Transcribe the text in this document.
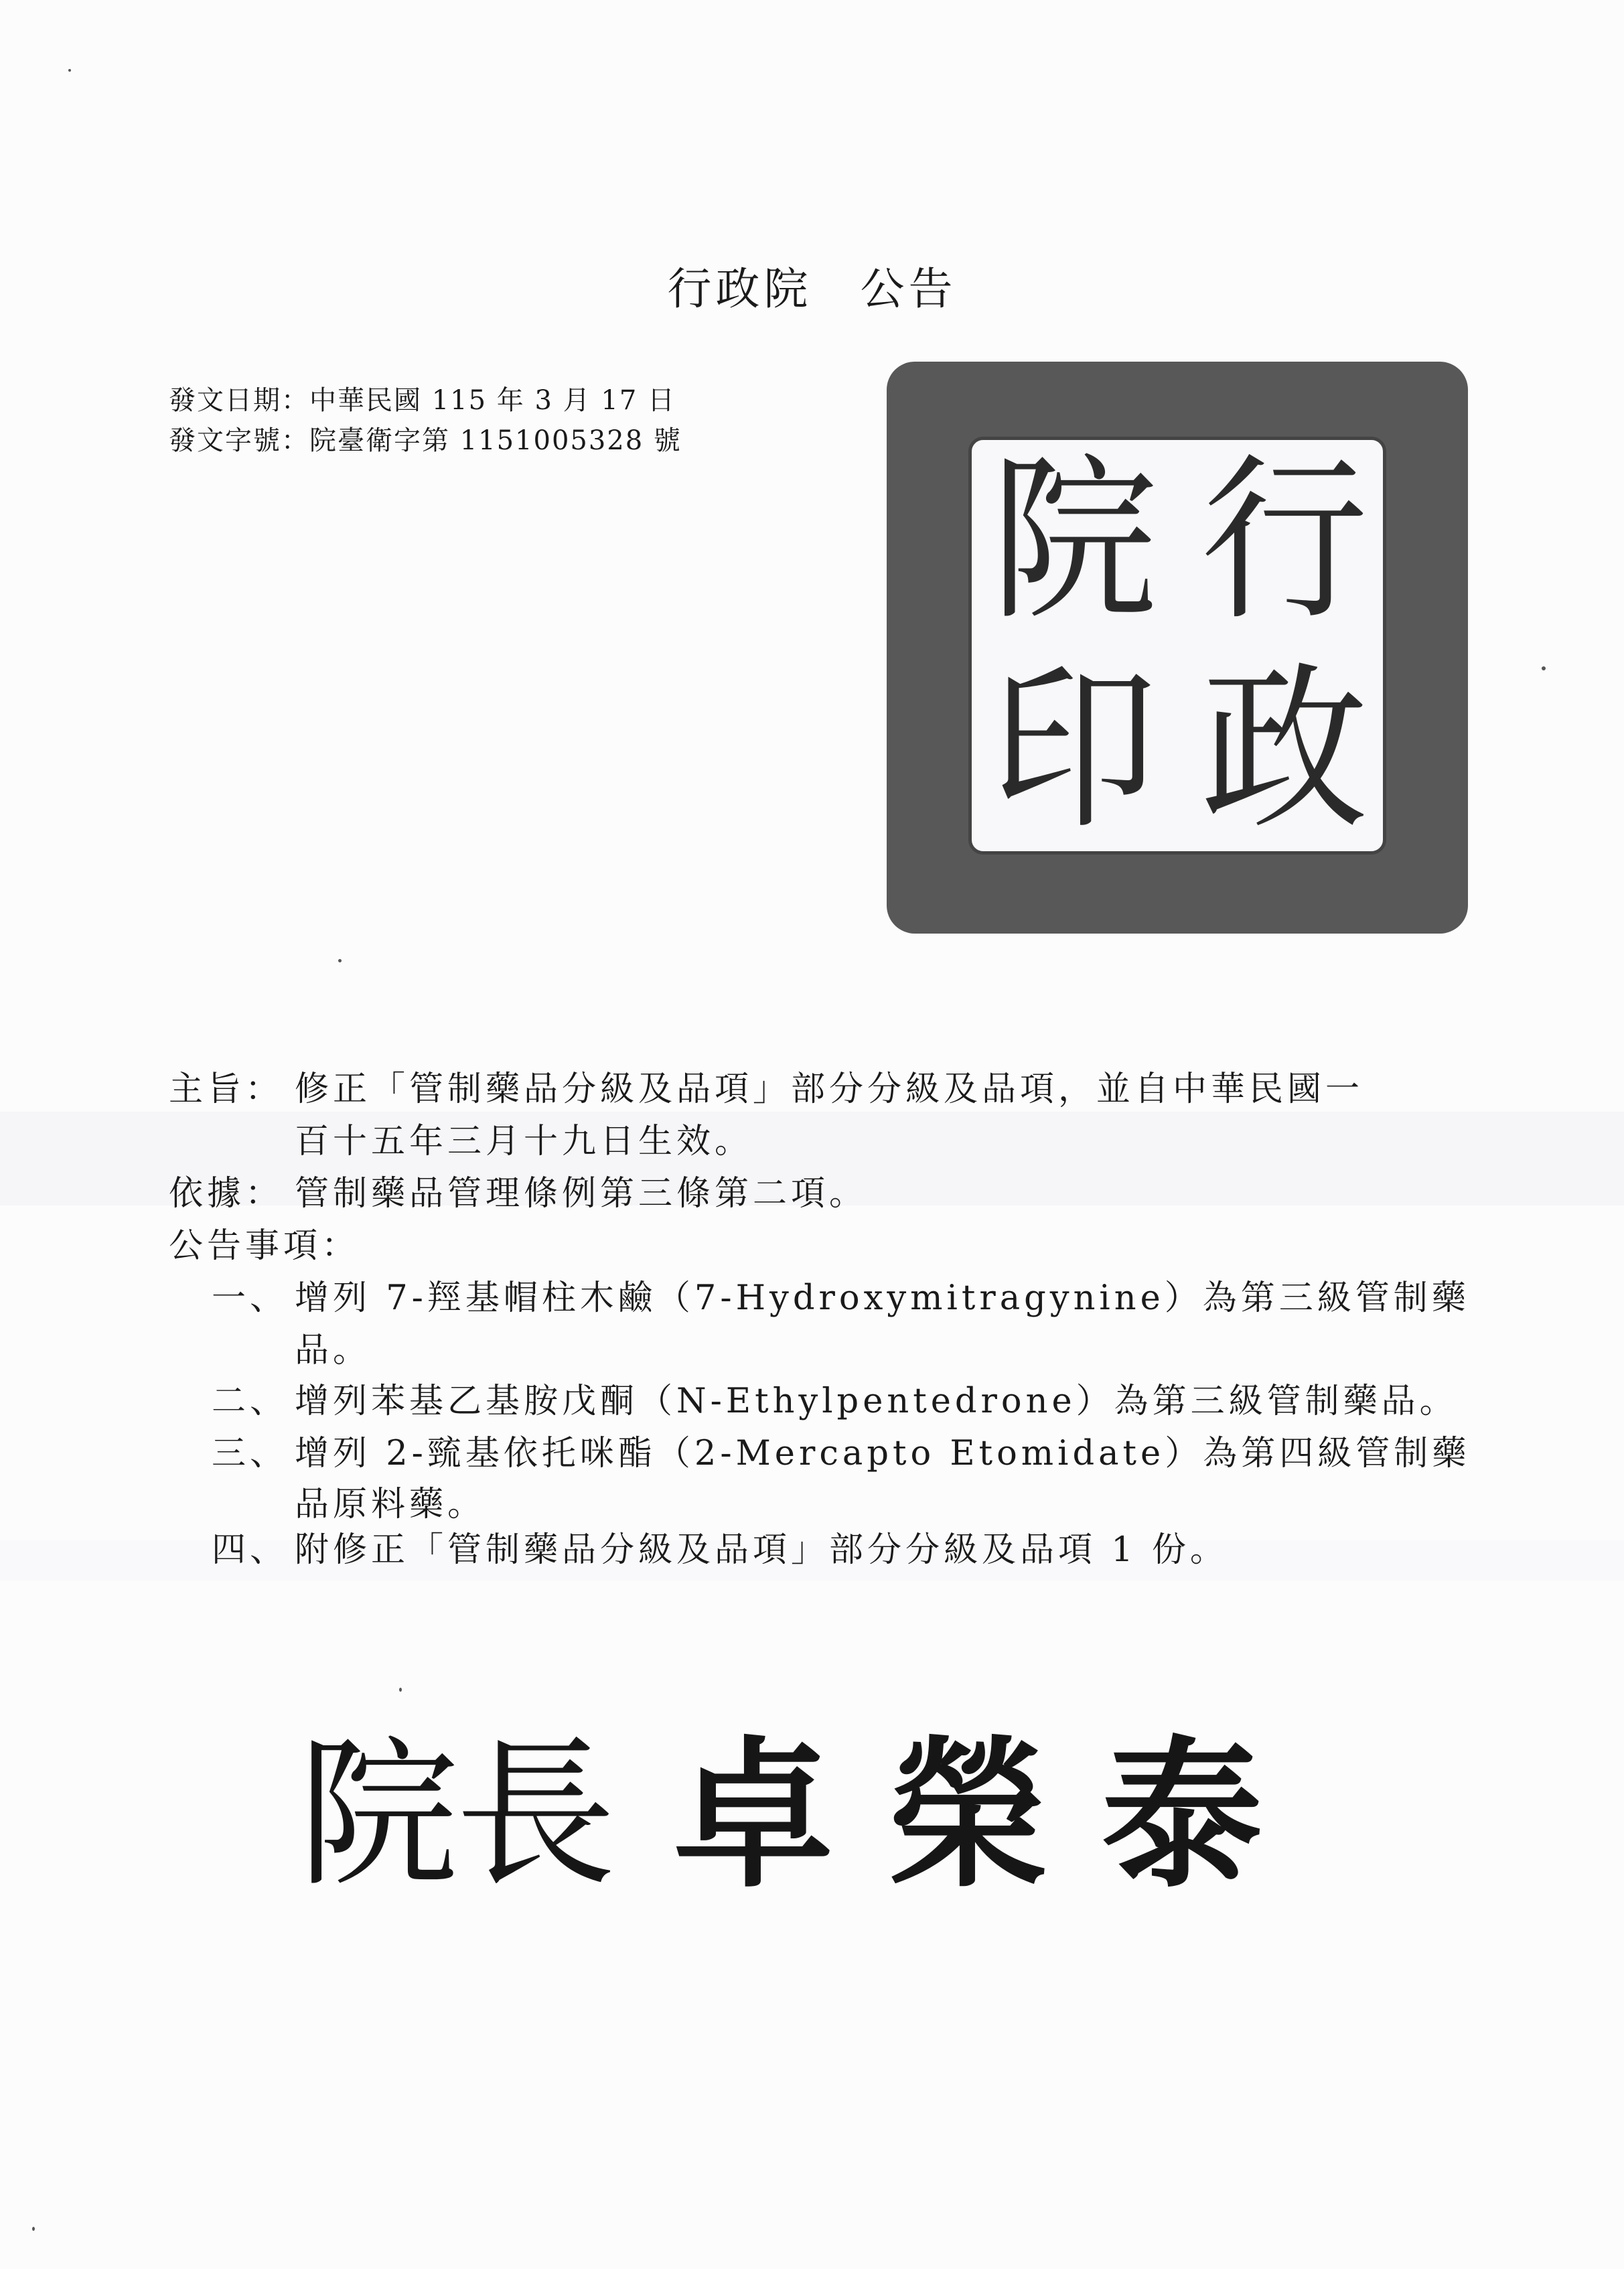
行政院　公告
發文日期：中華民國 115 年 3 月 17 日
發文字號：院臺衛字第 1151005328 號	行
政
院
印
主旨： 修正「管制藥品分級及品項」部分分級及品項，並自中華民國一
百十五年三月十九日生效。
依據： 管制藥品管理條例第三條第二項。
公告事項：
一、 增列 7-羥基帽柱木鹼（7-Hydroxymitragynine）為第三級管制藥
品。
二、 增列苯基乙基胺戊酮（N-Ethylpentedrone）為第三級管制藥品。
三、 增列 2-巰基依托咪酯（2-Mercapto Etomidate）為第四級管制藥
品原料藥。
四、 附修正「管制藥品分級及品項」部分分級及品項 1 份。
院
長 卓 榮 泰
